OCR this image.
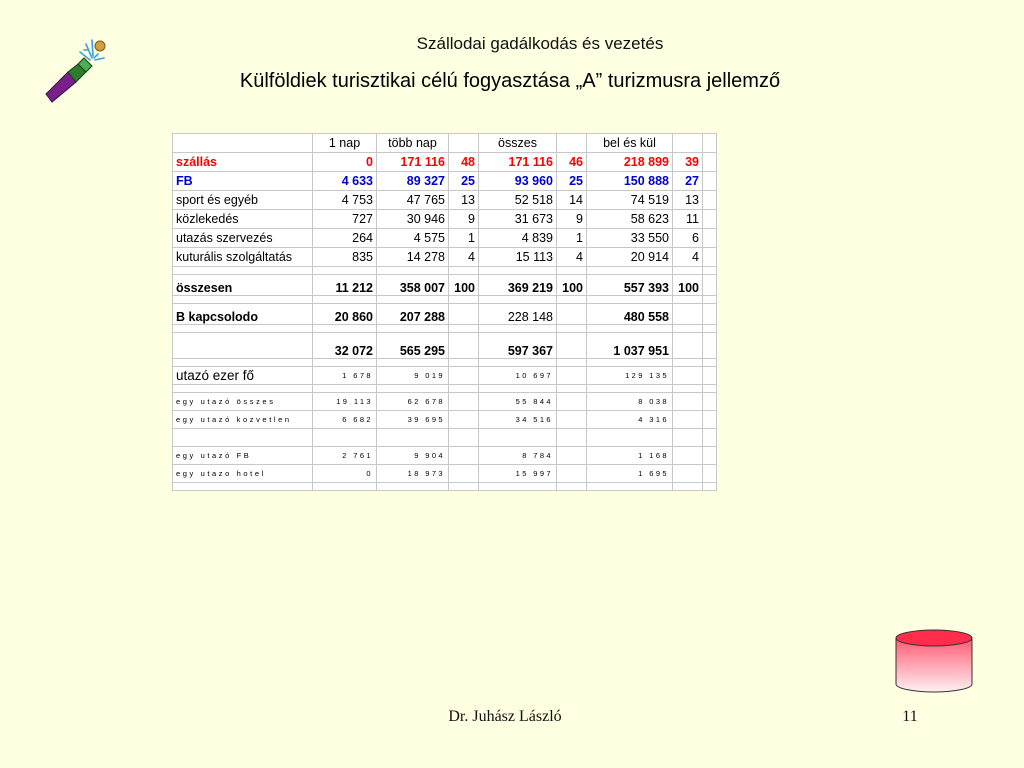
Szállodai gadálkodás és vezetés
Külföldiek turisztikai célú fogyasztása „A” turizmusra jellemző
	1 nap	több nap		összes		bel és kül		
szállás	0	171 116	48	171 116	46	218 899	39	
FB	4 633	89 327	25	93 960	25	150 888	27	
sport és egyéb	4 753	47 765	13	52 518	14	74 519	13	
közlekedés	727	30 946	9	31 673	9	58 623	11	
utazás szervezés	264	4 575	1	4 839	1	33 550	6	
kuturális szolgáltatás	835	14 278	4	15 113	4	20 914	4	

összesen	11 212	358 007	100	369 219	100	557 393	100	

B kapcsolodo	20 860	207 288		228 148		480 558		

	32 072	565 295		597 367		1 037 951		

utazó ezer fő	1 678	9 019		10 697		129 135		

egy utazó összes	19 113	62 678		55 844		8 038		
egy utazó kozvetlen	6 682	39 695		34 516		4 316		

egy utazó FB	2 761	9 904		8 784		1 168		
egy utazo hotel	0	18 973		15 997		1 695		

Dr. Juhász László	11
